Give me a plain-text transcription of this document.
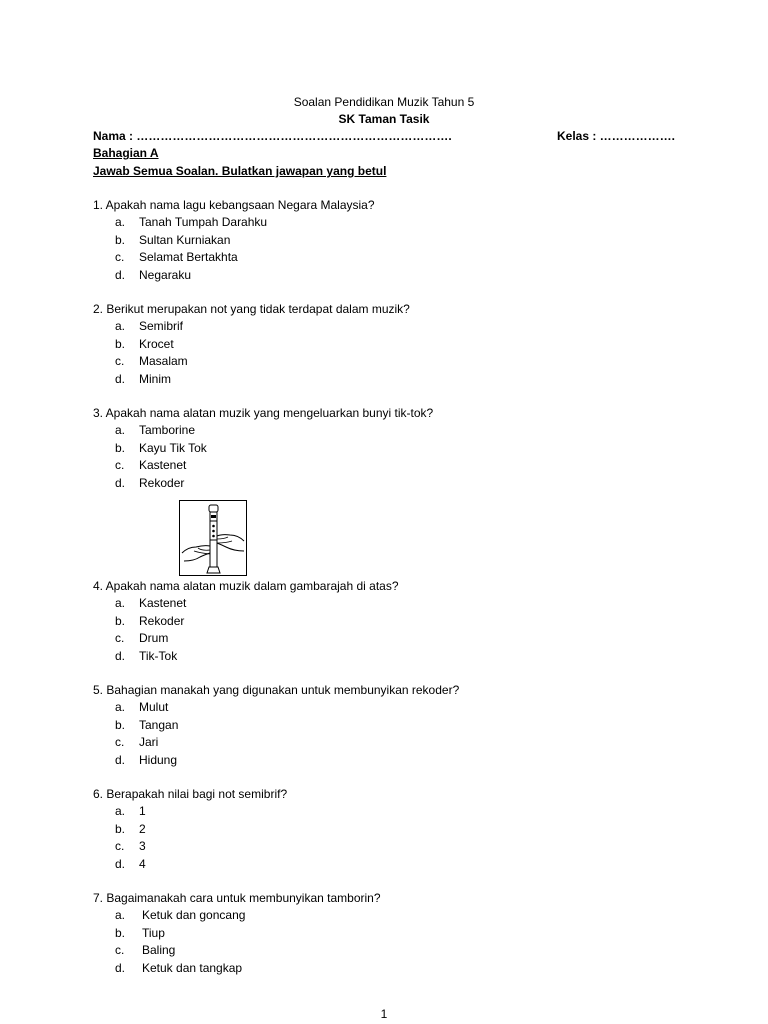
Soalan Pendidikan Muzik Tahun 5
SK Taman Tasik
Nama : …………………………………………………………………….	Kelas : ……………….
Bahagian A
Jawab Semua Soalan. Bulatkan jawapan yang betul
1. Apakah nama lagu kebangsaan Negara Malaysia?
a. Tanah Tumpah Darahku
b. Sultan Kurniakan
c. Selamat Bertakhta
d. Negaraku
2. Berikut merupakan not yang tidak terdapat dalam muzik?
a. Semibrif
b. Krocet
c. Masalam
d. Minim
3. Apakah nama alatan muzik yang mengeluarkan bunyi tik-tok?
a. Tamborine
b. Kayu Tik Tok
c. Kastenet
d. Rekoder
4. Apakah nama alatan muzik dalam gambarajah di atas?
a. Kastenet
b. Rekoder
c. Drum
d. Tik-Tok
5. Bahagian manakah yang digunakan untuk membunyikan rekoder?
a. Mulut
b. Tangan
c. Jari
d. Hidung
6. Berapakah nilai bagi not semibrif?
a. 1
b. 2
c. 3
d. 4
7. Bagaimanakah cara untuk membunyikan tamborin?
a. Ketuk dan goncang
b. Tiup
c. Baling
d. Ketuk dan tangkap
1
